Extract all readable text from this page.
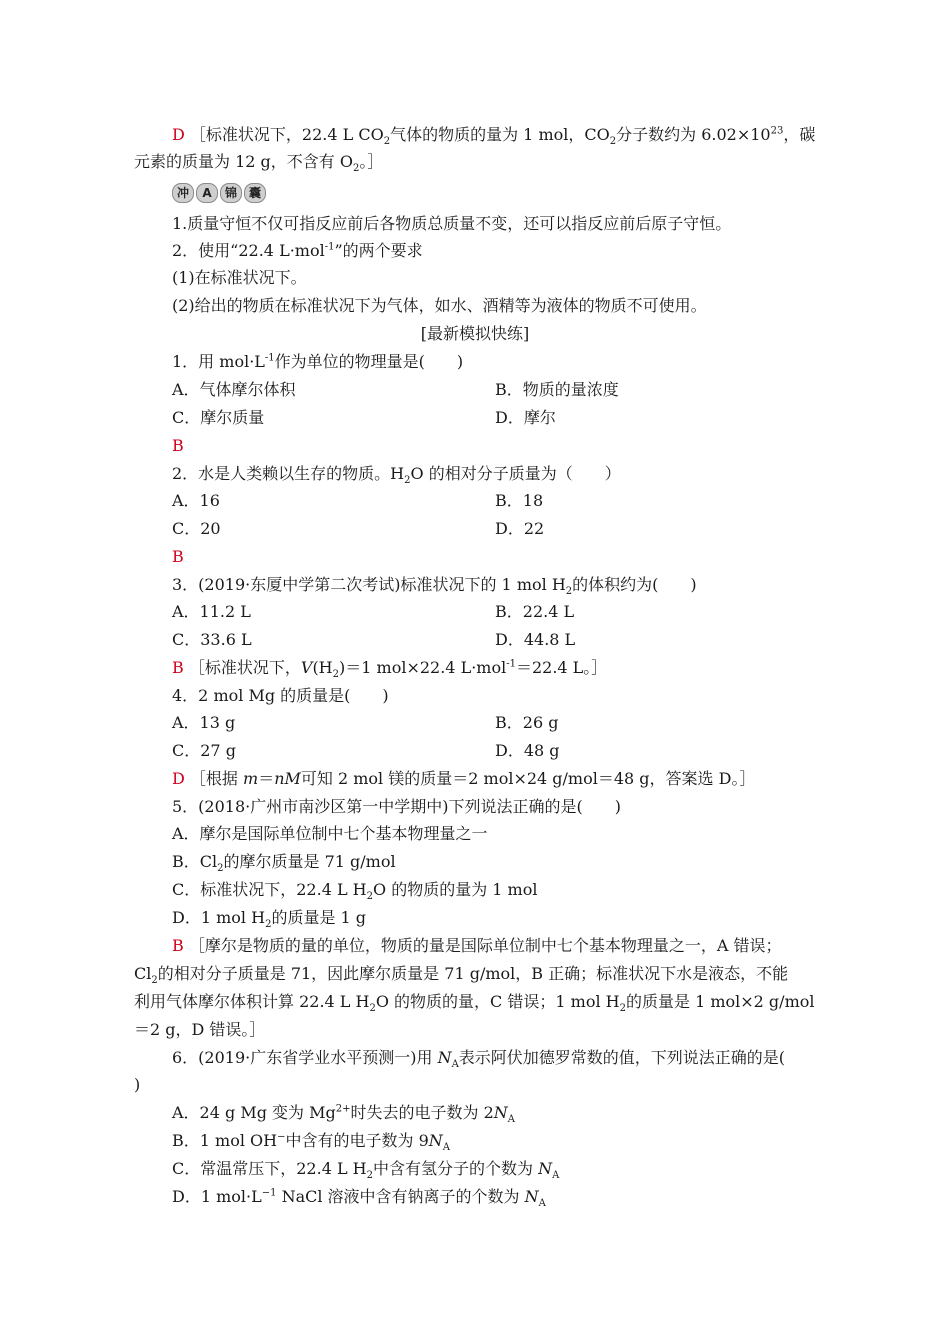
D ［标准状况下，22.4 L $CO_2$气体的物质的量为 1 mol，$CO_2$分子数约为 $6.02\times 10^{23}$，碳
元素的质量为 12 g，不含有 $O_2$。］
冲	A	锦 囊
1.质量守恒不仅可指反应前后各物质总质量不变，还可以指反应前后原子守恒。
2．使用“22.4 L·mol$^{-1}$”的两个要求
(1)在标准状况下。
(2)给出的物质在标准状况下为气体，如水、酒精等为液体的物质不可使用。
[最新模拟快练]
1．用 $mol\cdot L^{-1}$作为单位的物理量是(　　)
A．气体摩尔体积	B．物质的量浓度
C．摩尔质量	D．摩尔
B
2．水是人类赖以生存的物质。$H_2O$ 的相对分子质量为（　　）
A．16	B．18
C．20	D．22
B
3．(2019·东厦中学第二次考试)标准状况下的 1 mol $H_2$的体积约为(　　)
A．11.2 L	B．22.4 L
C．33.6 L	D．44.8 L
B ［标准状况下，$V(H_2)=1$ mol×22.4 L·mol$^{-1}$＝22.4 L。］
4．2 mol Mg 的质量是(　　)
A．13 g	B．26 g
C．27 g	D．48 g
D ［根据 m＝nM可知 2 mol 镁的质量＝2 mol×24 g/mol＝48 g，答案选 D。］
5．(2018·广州市南沙区第一中学期中)下列说法正确的是(　　)
A．摩尔是国际单位制中七个基本物理量之一
B．$Cl_2$的摩尔质量是 71 g/mol
C．标准状况下，22.4 L $H_2O$ 的物质的量为 1 mol
D．1 mol $H_2$的质量是 1 g
B ［摩尔是物质的量的单位，物质的量是国际单位制中七个基本物理量之一，A 错误；
$Cl_2$的相对分子质量是 71，因此摩尔质量是 71 g/mol，B 正确；标准状况下水是液态，不能
利用气体摩尔体积计算 22.4 L $H_2O$ 的物质的量，C 错误；1 mol $H_2$的质量是 1 mol×2 g/mol
＝2 g，D 错误。］
6．(2019·广东省学业水平预测一)用 $N_A$表示阿伏加德罗常数的值，下列说法正确的是(
)
A．24 g Mg 变为 $Mg^{2+}$时失去的电子数为 $2N_A$
B．1 mol OH−中含有的电子数为 $9N_A$
C．常温常压下，22.4 L $H_2$中含有氢分子的个数为 $N_A$
D．1 $mol\cdot L^{-1}$ NaCl 溶液中含有钠离子的个数为 $N_A$
